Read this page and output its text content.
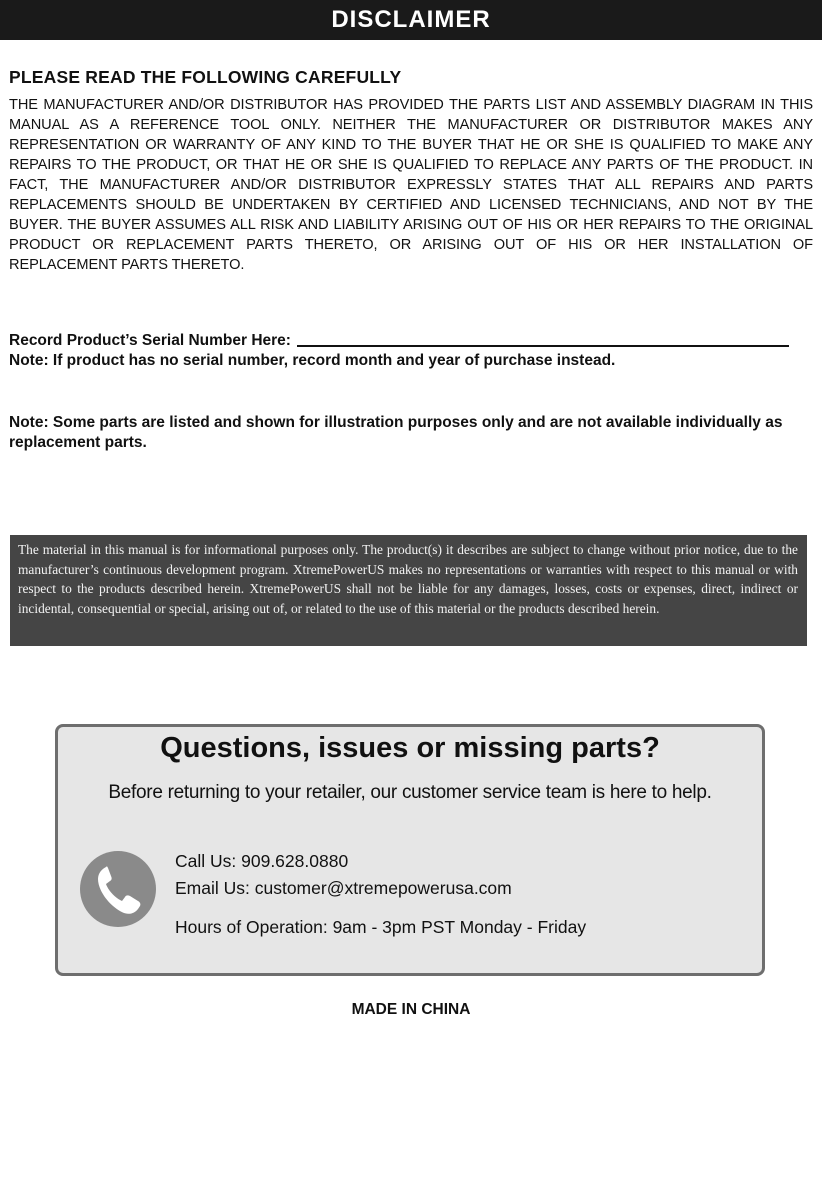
DISCLAIMER
PLEASE READ THE FOLLOWING CAREFULLY
THE MANUFACTURER AND/OR DISTRIBUTOR HAS PROVIDED THE PARTS LIST AND ASSEMBLY DIAGRAM IN THIS MANUAL AS A REFERENCE TOOL ONLY. NEITHER THE MANUFACTURER OR DISTRIBUTOR MAKES ANY REPRESENTATION OR WARRANTY OF ANY KIND TO THE BUYER THAT HE OR SHE IS QUALIFIED TO MAKE ANY REPAIRS TO THE PRODUCT, OR THAT HE OR SHE IS QUALIFIED TO REPLACE ANY PARTS OF THE PRODUCT. IN FACT, THE MANUFACTURER AND/OR DISTRIBUTOR EXPRESSLY STATES THAT ALL REPAIRS AND PARTS REPLACEMENTS SHOULD BE UNDERTAKEN BY CERTIFIED AND LICENSED TECHNICIANS, AND NOT BY THE BUYER. THE BUYER ASSUMES ALL RISK AND LIABILITY ARISING OUT OF HIS OR HER REPAIRS TO THE ORIGINAL PRODUCT OR REPLACEMENT PARTS THERETO, OR ARISING OUT OF HIS OR HER INSTALLATION OF REPLACEMENT PARTS THERETO.
Record Product’s Serial Number Here:
Note: If product has no serial number, record month and year of purchase instead.
Note: Some parts are listed and shown for illustration purposes only and are not available individually as replacement parts.
The material in this manual is for informational purposes only. The product(s) it describes are subject to change without prior notice, due to the manufacturer’s continuous development program. XtremePowerUS makes no representations or warranties with respect to this manual or with respect to the products described herein. XtremePowerUS shall not be liable for any damages, losses, costs or expenses, direct, indirect or incidental, consequential or special, arising out of, or related to the use of this material or the products described herein.
Questions, issues or missing parts?
Before returning to your retailer, our customer service team is here to help.
Call Us: 909.628.0880
Email Us: customer@xtremepowerusa.com
Hours of Operation: 9am - 3pm PST Monday - Friday
MADE IN CHINA
